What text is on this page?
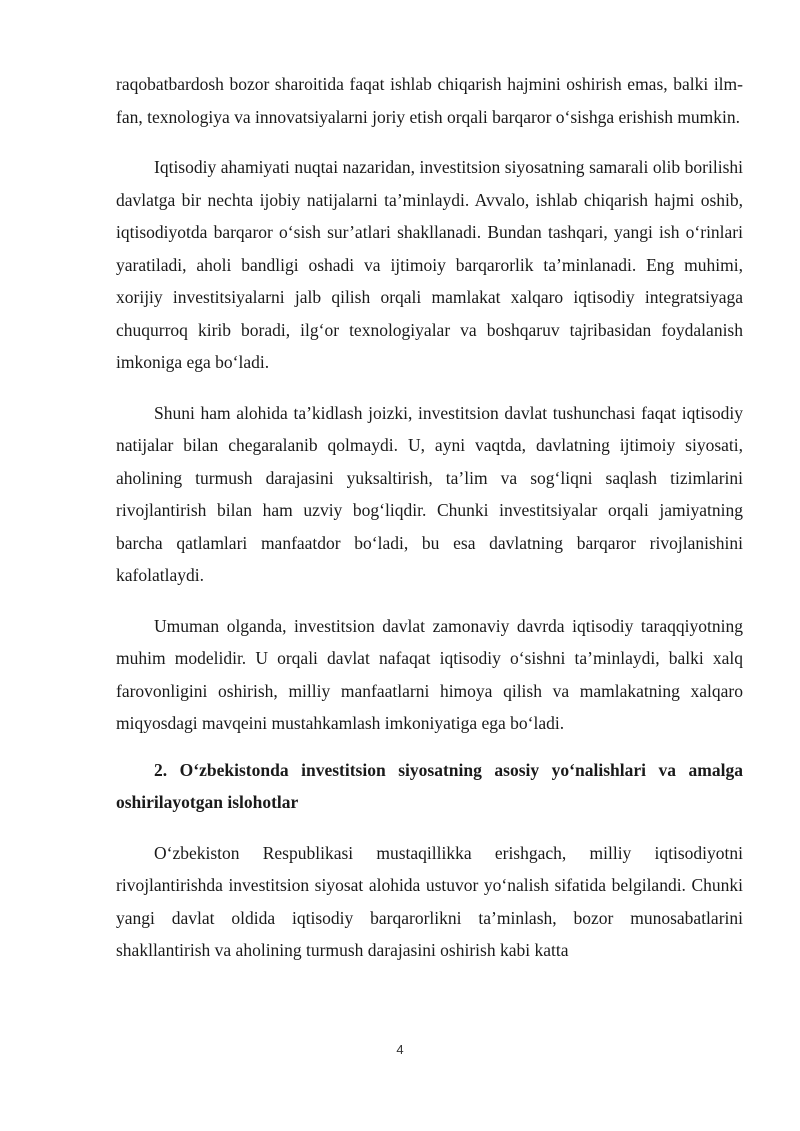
raqobatbardosh bozor sharoitida faqat ishlab chiqarish hajmini oshirish emas, balki ilm-fan, texnologiya va innovatsiyalarni joriy etish orqali barqaror o‘sishga erishish mumkin.

Iqtisodiy ahamiyati nuqtai nazaridan, investitsion siyosatning samarali olib borilishi davlatga bir nechta ijobiy natijalarni ta’minlaydi. Avvalo, ishlab chiqarish hajmi oshib, iqtisodiyotda barqaror o‘sish sur’atlari shakllanadi. Bundan tashqari, yangi ish o‘rinlari yaratiladi, aholi bandligi oshadi va ijtimoiy barqarorlik ta’minlanadi. Eng muhimi, xorijiy investitsiyalarni jalb qilish orqali mamlakat xalqaro iqtisodiy integratsiyaga chuqurroq kirib boradi, ilg‘or texnologiyalar va boshqaruv tajribasidan foydalanish imkoniga ega bo‘ladi.

Shuni ham alohida ta’kidlash joizki, investitsion davlat tushunchasi faqat iqtisodiy natijalar bilan chegaralanib qolmaydi. U, ayni vaqtda, davlatning ijtimoiy siyosati, aholining turmush darajasini yuksaltirish, ta’lim va sog‘liqni saqlash tizimlarini rivojlantirish bilan ham uzviy bog‘liqdir. Chunki investitsiyalar orqali jamiyatning barcha qatlamlari manfaatdor bo‘ladi, bu esa davlatning barqaror rivojlanishini kafolatlaydi.

Umuman olganda, investitsion davlat zamonaviy davrda iqtisodiy taraqqiyotning muhim modelidir. U orqali davlat nafaqat iqtisodiy o‘sishni ta’minlaydi, balki xalq farovonligini oshirish, milliy manfaatlarni himoya qilish va mamlakatning xalqaro miqyosdagi mavqeini mustahkamlash imkoniyatiga ega bo‘ladi.

2. O‘zbekistonda investitsion siyosatning asosiy yo‘nalishlari va amalga oshirilayotgan islohotlar

O‘zbekiston Respublikasi mustaqillikka erishgach, milliy iqtisodiyotni rivojlantirishda investitsion siyosat alohida ustuvor yo‘nalish sifatida belgilandi. Chunki yangi davlat oldida iqtisodiy barqarorlikni ta’minlash, bozor munosabatlarini shakllantirish va aholining turmush darajasini oshirish kabi katta

4
